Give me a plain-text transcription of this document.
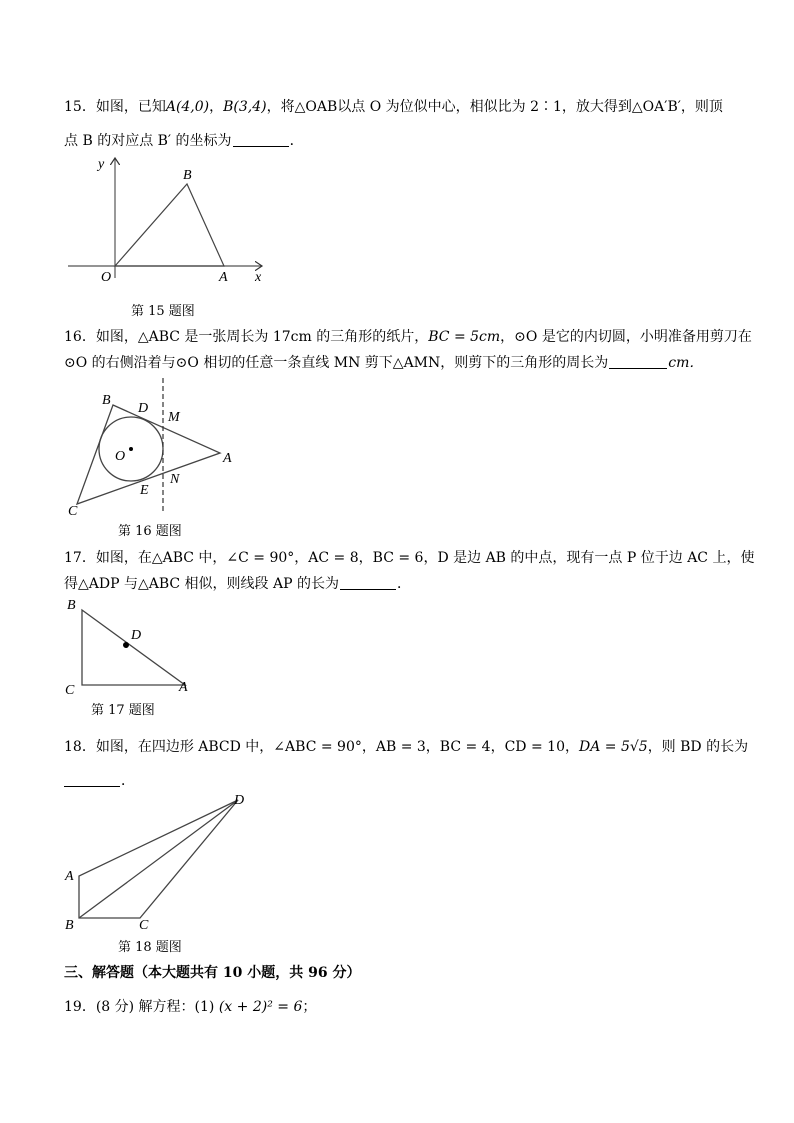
15．如图，已知A(4,0)，B(3,4)，将△OAB以点 O 为位似中心，相似比为 2∶1，放大得到△OA′B′，则顶
点 B 的对应点 B′ 的坐标为	．
y
x
O	A
B
第 15 题图
16．如图，△ABC 是一张周长为 17cm 的三角形的纸片，BC = 5cm，⊙O 是它的内切圆，小明准备用剪刀在
⊙O 的右侧沿着与⊙O 相切的任意一条直线 MN 剪下△AMN，则剪下的三角形的周长为	cm．
B
D
M
O	A
N
E
C
第 16 题图
17．如图，在△ABC 中，∠C = 90°，AC = 8，BC = 6，D 是边 AB 的中点，现有一点 P 位于边 AC 上，使
得△ADP 与△ABC 相似，则线段 AP 的长为	．
B
D
C	A
第 17 题图
18．如图，在四边形 ABCD 中，∠ABC = 90°，AB = 3，BC = 4，CD = 10，DA = 5√5，则 BD 的长为
．
D
A
B	C
第 18 题图
三、解答题（本大题共有 10 小题，共 96 分）
19．(8 分) 解方程：(1) (x + 2)² = 6；
